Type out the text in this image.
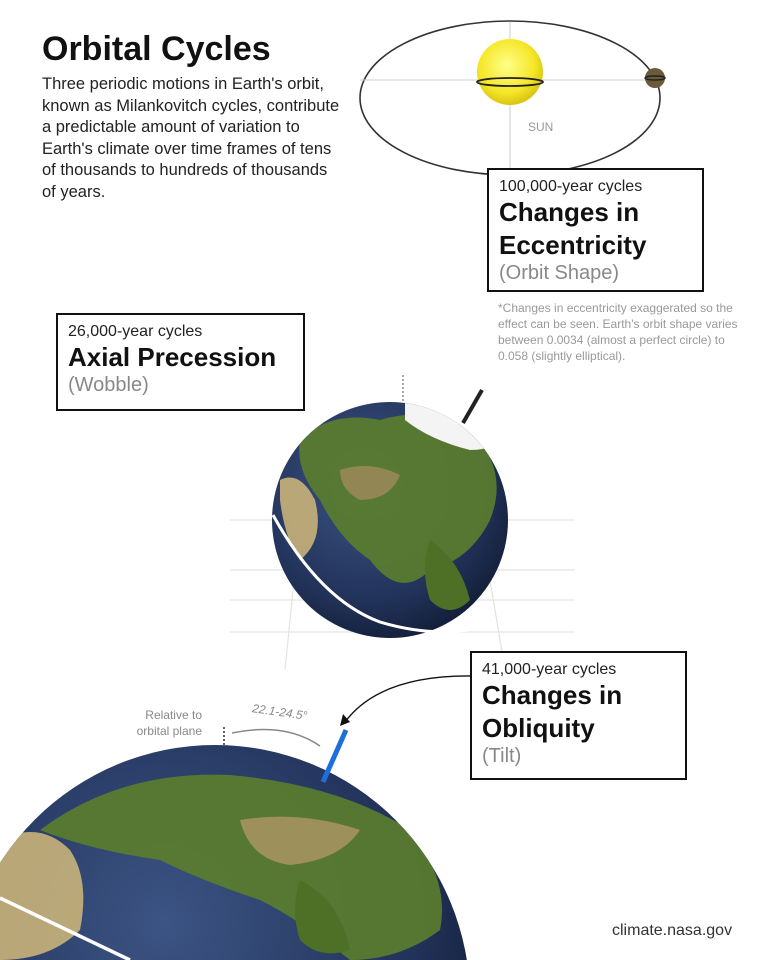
Orbital Cycles
Three periodic motions in Earth's orbit, known as Milankovitch cycles, contribute a predictable amount of variation to Earth's climate over time frames of tens of thousands to hundreds of thousands of years.
SUN
100,000-year cycles
Changes in
Eccentricity
(Orbit Shape)
*Changes in eccentricity exaggerated so the effect can be seen. Earth's orbit shape varies between 0.0034 (almost a perfect circle) to 0.058 (slightly elliptical).
26,000-year cycles
Axial Precession
(Wobble)
41,000-year cycles
Changes in
Obliquity
(Tilt)
Relative to orbital plane
22.1-24.5°
climate.nasa.gov
